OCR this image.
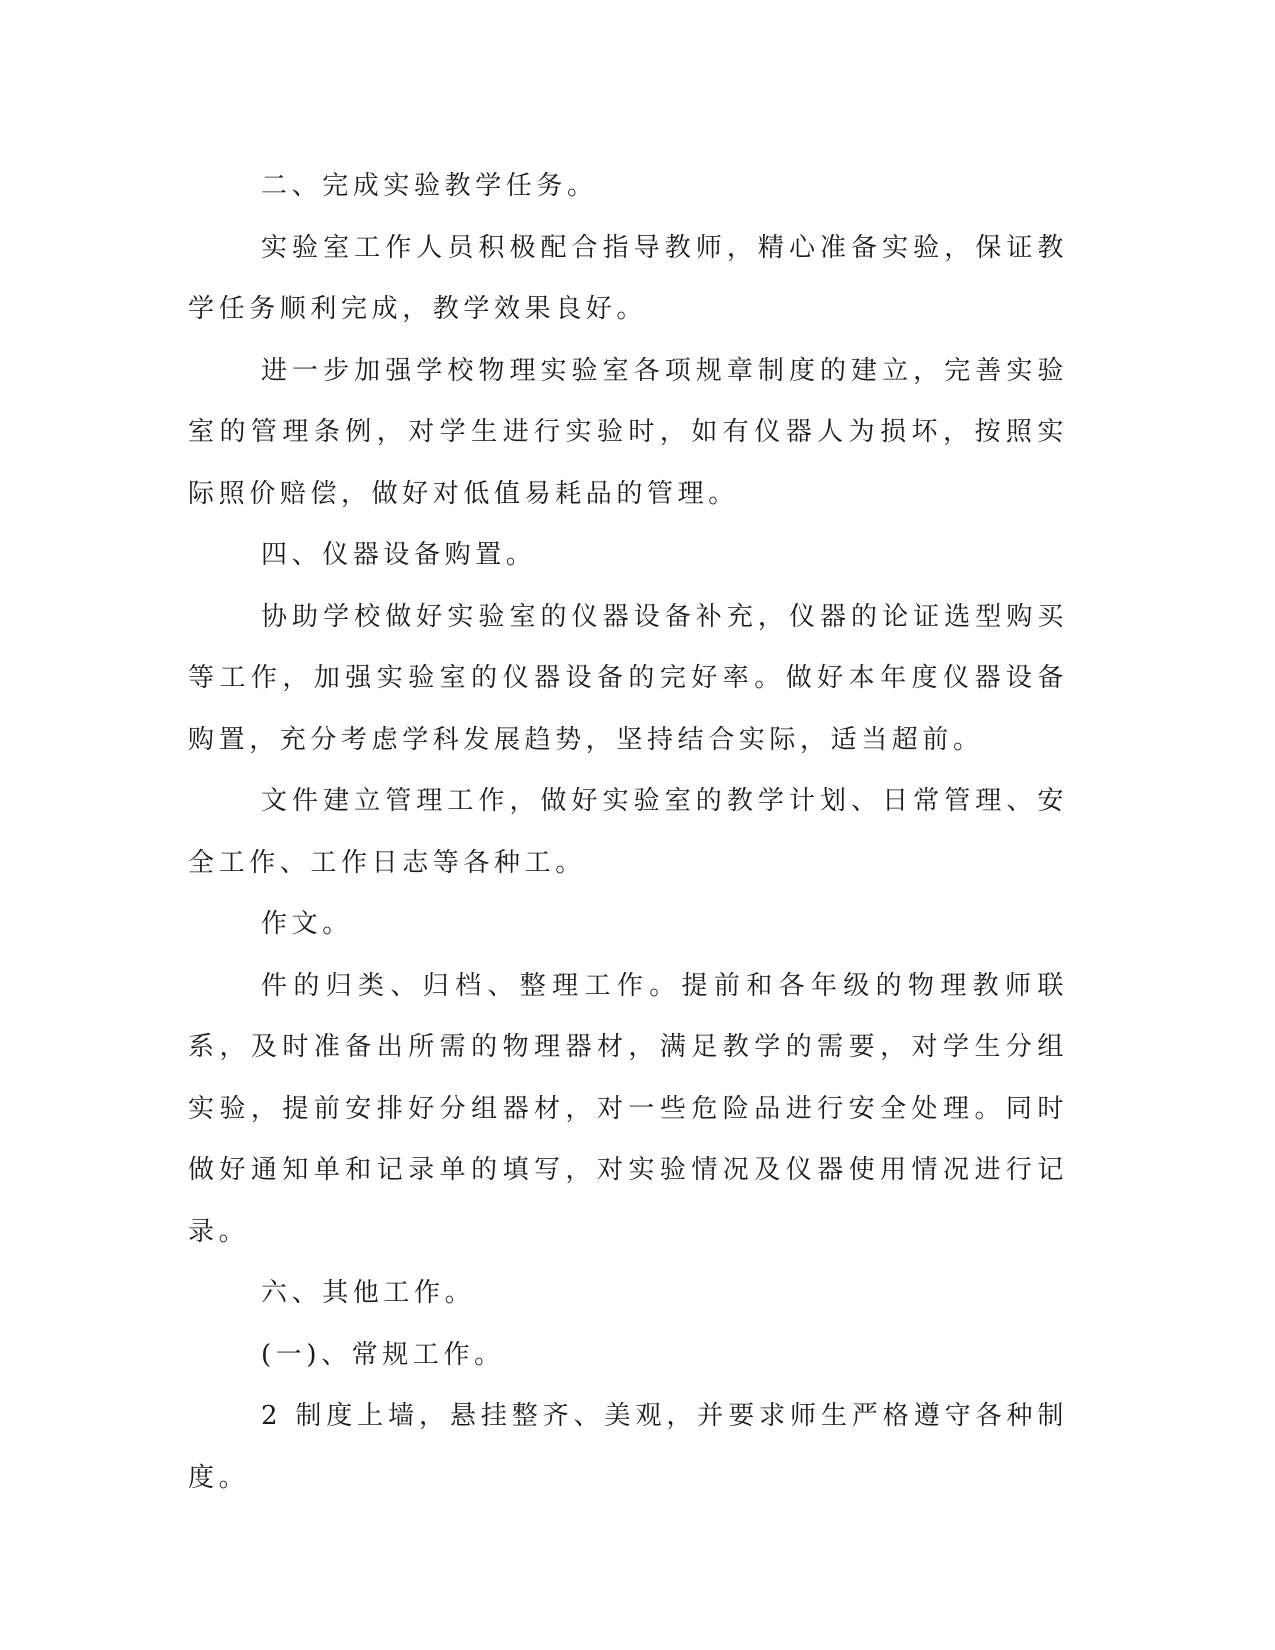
二、完成实验教学任务。

实验室工作人员积极配合指导教师，精心准备实验，保证教学任务顺利完成，教学效果良好。

进一步加强学校物理实验室各项规章制度的建立，完善实验室的管理条例，对学生进行实验时，如有仪器人为损坏，按照实际照价赔偿，做好对低值易耗品的管理。

四、仪器设备购置。

协助学校做好实验室的仪器设备补充，仪器的论证选型购买等工作，加强实验室的仪器设备的完好率。做好本年度仪器设备购置，充分考虑学科发展趋势，坚持结合实际，适当超前。

文件建立管理工作，做好实验室的教学计划、日常管理、安全工作、工作日志等各种工。

作文。

件的归类、归档、整理工作。提前和各年级的物理教师联系，及时准备出所需的物理器材，满足教学的需要，对学生分组实验，提前安排好分组器材，对一些危险品进行安全处理。同时做好通知单和记录单的填写，对实验情况及仪器使用情况进行记录。

六、其他工作。

(一)、常规工作。

2 制度上墙，悬挂整齐、美观，并要求师生严格遵守各种制度。
